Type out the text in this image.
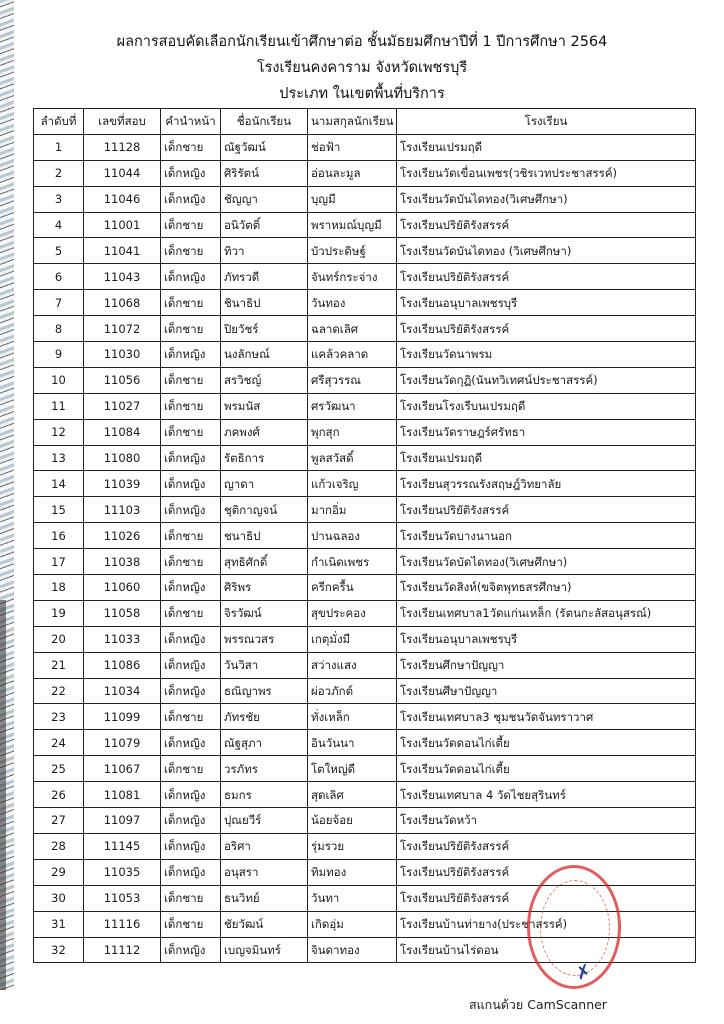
ผลการสอบคัดเลือกนักเรียนเข้าศึกษาต่อ ชั้นมัธยมศึกษาปีที่ 1 ปีการศึกษา 2564
โรงเรียนคงคาราม จังหวัดเพชรบุรี
ประเภท ในเขตพื้นที่บริการ
ลำดับที่	เลขที่สอบ	คำนำหน้า	ชื่อนักเรียน	นามสกุลนักเรียน	โรงเรียน
1	11128	เด็กชาย	ณัฐวัฒน์	ช่อฟ้า	โรงเรียนเปรมฤดี
2	11044	เด็กหญิง	ศิริรัตน์	อ่อนละมูล	โรงเรียนวัดเขื่อนเพชร(วชิรเวทประชาสรรค์)
3	11046	เด็กหญิง	ชัญญา	บุญมี	โรงเรียนวัดบันไดทอง(วิเศษศึกษา)
4	11001	เด็กชาย	อนิวัตติ์	พราหมณ์บุญมี	โรงเรียนปริยัติรังสรรค์
5	11041	เด็กชาย	ทิวา	บัวประดิษฐ์	โรงเรียนวัดบันไดทอง (วิเศษศึกษา)
6	11043	เด็กหญิง	ภัทรวดี	จันทร์กระจ่าง	โรงเรียนปริยัติรังสรรค์
7	11068	เด็กชาย	ชินาธิป	วันทอง	โรงเรียนอนุบาลเพชรบุรี
8	11072	เด็กชาย	ปิยวัชร์	ฉลาดเลิศ	โรงเรียนปริยัติรังสรรค์
9	11030	เด็กหญิง	นงลักษณ์	แคล้วคลาด	โรงเรียนวัดนาพรม
10	11056	เด็กชาย	สรวิชญ์	ศรีสุวรรณ	โรงเรียนวัดกุฏิ(นันทวิเทศน์ประชาสรรค์)
11	11027	เด็กชาย	พรมนัส	ศรวัฒนา	โรงเรียนโรงเรีบนเปรมฤดี
12	11084	เด็กชาย	ภคพงศ์	พุกสุก	โรงเรียนวัดราษฎร์ศรัทธา
13	11080	เด็กหญิง	รัตธิการ	พูลสวัสดิ์	โรงเรียนเปรมฤดี
14	11039	เด็กหญิง	ญาดา	แก้วเจริญ	โรงเรียนสุวรรณรังสฤษฎ์วิทยาลัย
15	11103	เด็กหญิง	ชุติกาญจน์	มากอิ่ม	โรงเรียนปริยัติรังสรรค์
16	11026	เด็กชาย	ชนาธิป	ปานฉลอง	โรงเรียนวัดบางนานอก
17	11038	เด็กชาย	สุทธิศักดิ์	กำเนิดเพชร	โรงเรียนวัดบัดไดทอง(วิเศษศึกษา)
18	11060	เด็กหญิง	ศิริพร	ครีกครื้น	โรงเรียนวัดสิงห์(ขจิตพุทธสรศึกษา)
19	11058	เด็กชาย	จิรวัฒน์	สุขประคอง	โรงเรียนเทศบาล1วัดแก่นเหล็ก (รัตนกะลัสอนุสรณ์)
20	11033	เด็กหญิง	พรรณวสร	เกตุมั่งมี	โรงเรียนอนุบาลเพชรบุรี
21	11086	เด็กหญิง	วันวิสา	สว่างแสง	โรงเรียนศึกษาปัญญา
22	11034	เด็กหญิง	ธณิญาพร	ผ่อวภักต์	โรงเรียนศึษาปัญญา
23	11099	เด็กชาย	ภัทรชัย	ทั่งเหล็ก	โรงเรียนเทศบาล3 ชุมชนวัดจันทราวาศ
24	11079	เด็กหญิง	ณัฐสุภา	อินวันนา	โรงเรียนวัดดอนไก่เตี้ย
25	11067	เด็กชาย	วรภัทร	โตใหญ่ดี	โรงเรียนวัดดอนไก่เตี้ย
26	11081	เด็กหญิง	ธมกร	สุดเลิศ	โรงเรียนเทศบาล 4 วัดไชยสุรินทร์
27	11097	เด็กหญิง	ปุณยวีร์	น้อยจ้อย	โรงเรียนวัดหว้า
28	11145	เด็กหญิง	อริศา	รุ่มรวย	โรงเรียนปริยัติรังสรรค์
29	11035	เด็กหญิง	อนุสรา	ทิมทอง	โรงเรียนปริยัติรังสรรค์
30	11053	เด็กชาย	ธนวิทย์	วันทา	โรงเรียนปริยัติรังสรรค์
31	11116	เด็กชาย	ชัยวัฒน์	เกิดอุ่ม	โรงเรียนบ้านท่ายาง(ประชาสรรค์)
32	11112	เด็กหญิง	เบญจมินทร์	จินดาทอง	โรงเรียนบ้านไร่ดอน
✗
สแกนด้วย CamScanner
